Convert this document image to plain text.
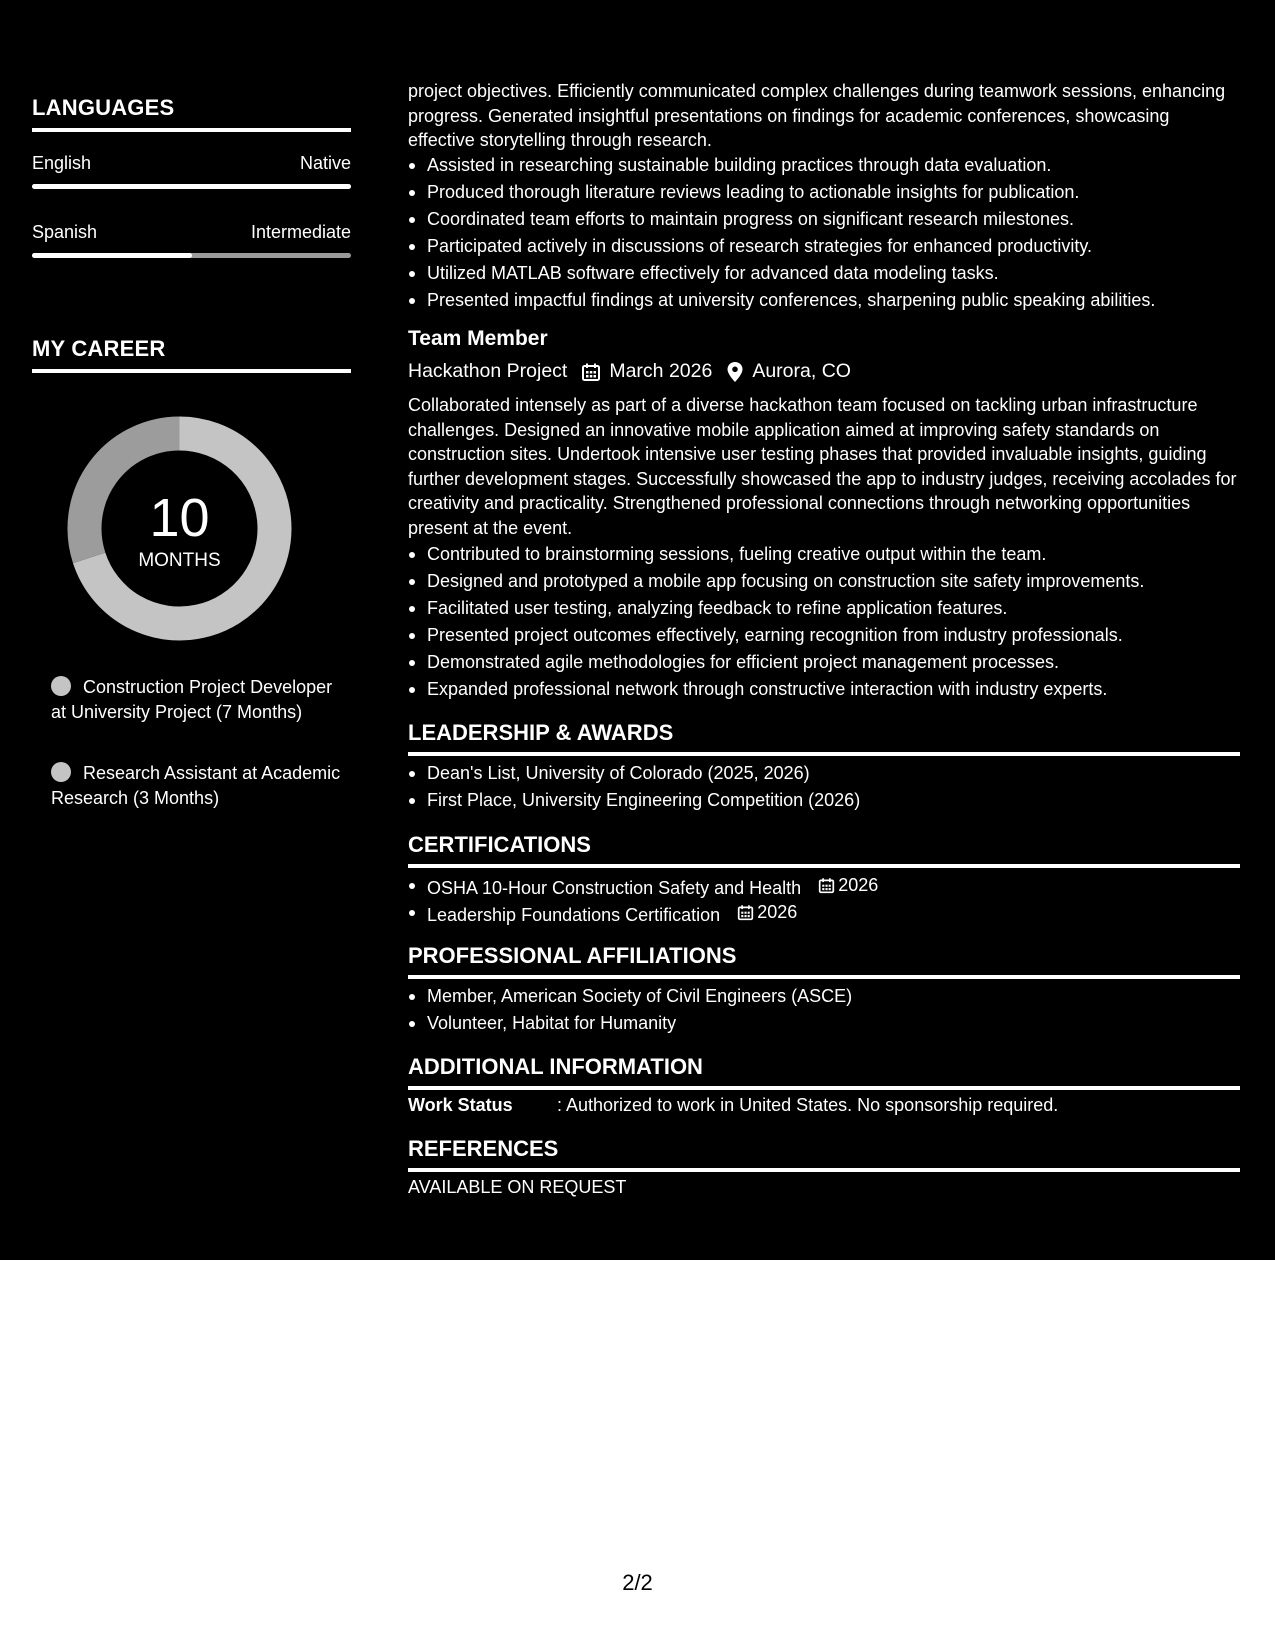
LANGUAGES
English	Native
Spanish	Intermediate
MY CAREER
10
MONTHS
Construction Project Developer at University Project (7 Months)
Research Assistant at Academic Research (3 Months)
project objectives. Efficiently communicated complex challenges during teamwork sessions, enhancing progress. Generated insightful presentations on findings for academic conferences, showcasing effective storytelling through research.
Assisted in researching sustainable building practices through data evaluation.
Produced thorough literature reviews leading to actionable insights for publication.
Coordinated team efforts to maintain progress on significant research milestones.
Participated actively in discussions of research strategies for enhanced productivity.
Utilized MATLAB software effectively for advanced data modeling tasks.
Presented impactful findings at university conferences, sharpening public speaking abilities.
Team Member
Hackathon Project March 2026 Aurora, CO
Collaborated intensely as part of a diverse hackathon team focused on tackling urban infrastructure challenges. Designed an innovative mobile application aimed at improving safety standards on construction sites. Undertook intensive user testing phases that provided invaluable insights, guiding further development stages. Successfully showcased the app to industry judges, receiving accolades for creativity and practicality. Strengthened professional connections through networking opportunities present at the event.
Contributed to brainstorming sessions, fueling creative output within the team.
Designed and prototyped a mobile app focusing on construction site safety improvements.
Facilitated user testing, analyzing feedback to refine application features.
Presented project outcomes effectively, earning recognition from industry professionals.
Demonstrated agile methodologies for efficient project management processes.
Expanded professional network through constructive interaction with industry experts.
LEADERSHIP & AWARDS
Dean's List, University of Colorado (2025, 2026)
First Place, University Engineering Competition (2026)
CERTIFICATIONS
OSHA 10-Hour Construction Safety and Health 2026
Leadership Foundations Certification 2026
PROFESSIONAL AFFILIATIONS
Member, American Society of Civil Engineers (ASCE)
Volunteer, Habitat for Humanity
ADDITIONAL INFORMATION
Work Status : Authorized to work in United States. No sponsorship required.
REFERENCES
AVAILABLE ON REQUEST
2/2
